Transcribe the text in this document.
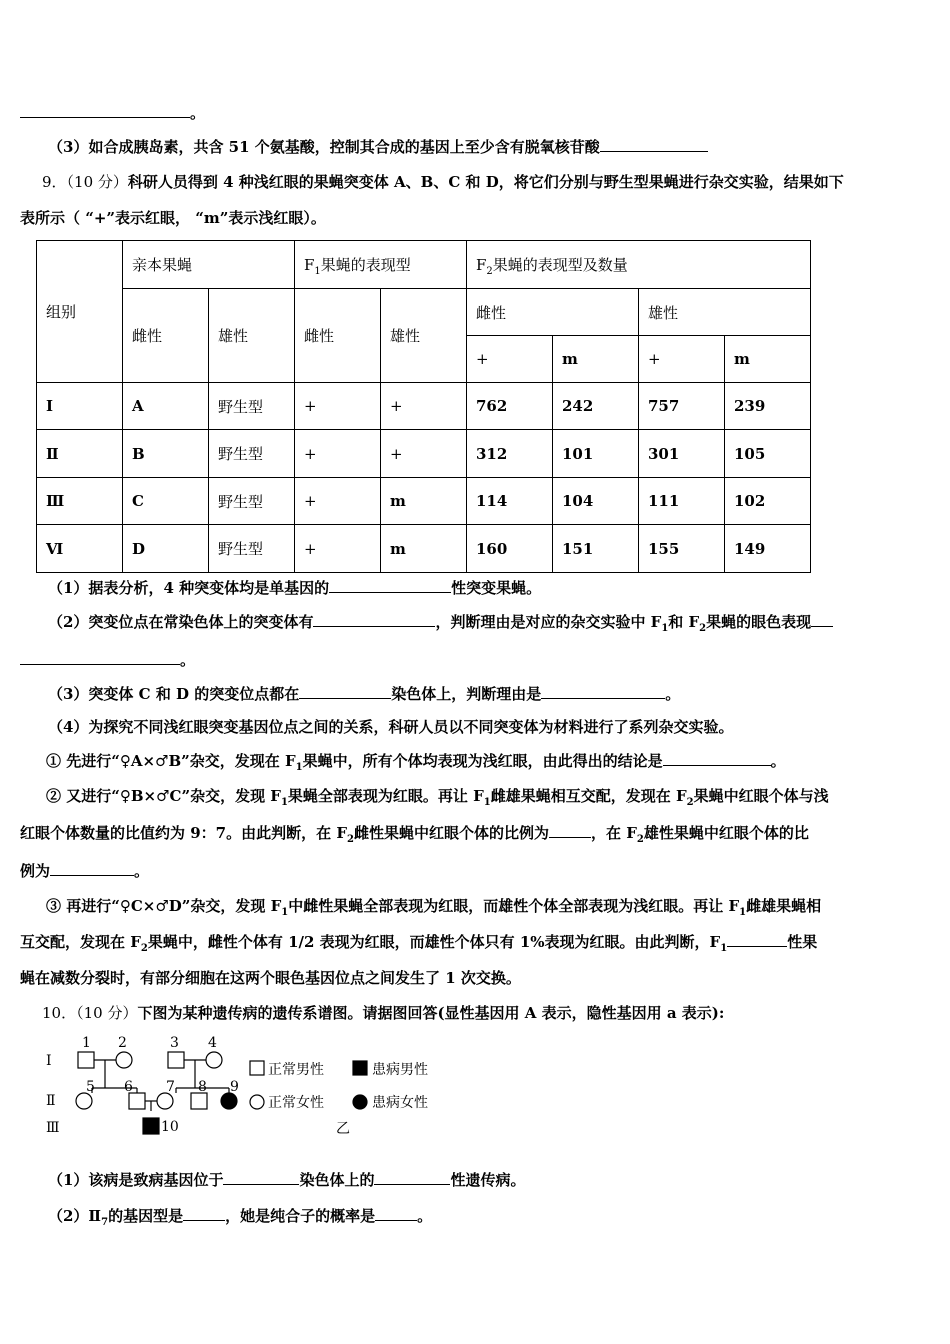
。
（3）如合成胰岛素，共含 51 个氨基酸，控制其合成的基因上至少含有脱氧核苷酸
9．（10 分）科研人员得到 4 种浅红眼的果蝇突变体 A、B、C 和 D，将它们分别与野生型果蝇进行杂交实验，结果如下
表所示（ “+”表示红眼， “m”表示浅红眼）。
组别	亲本果蝇		$F_1$果蝇的表现型		$F_2$果蝇的表现型及数量			
	雌性	雄性	雌性	雄性	雌性		雄性	
					+	m	+	m
Ⅰ	A	野生型	+	+	762	242	757	239
Ⅱ	B	野生型	+	+	312	101	301	105
Ⅲ	C	野生型	+	m	114	104	111	102
Ⅵ	D	野生型	+	m	160	151	155	149
（1）据表分析，4 种突变体均是单基因的	性突变果蝇。
（2）突变位点在常染色体上的突变体有	，判断理由是对应的杂交实验中 $F_1$和 $F_2$果蝇的眼色表现
。
（3）突变体 C 和 D 的突变位点都在	染色体上，判断理由是	。
（4）为探究不同浅红眼突变基因位点之间的关系，科研人员以不同突变体为材料进行了系列杂交实验。
① 先进行“♀A×♂B”杂交，发现在 $F_1$果蝇中，所有个体均表现为浅红眼，由此得出的结论是	。
② 又进行“♀B×♂C”杂交，发现 $F_1$果蝇全部表现为红眼。再让 $F_1$雌雄果蝇相互交配，发现在 $F_2$果蝇中红眼个体与浅
红眼个体数量的比值约为 9：7。由此判断，在 $F_2$雌性果蝇中红眼个体的比例为	，在 $F_2$雄性果蝇中红眼个体的比
例为	。
③ 再进行“♀C×♂D”杂交，发现 $F_1$中雌性果蝇全部表现为红眼，而雄性个体全部表现为浅红眼。再让 $F_1$雌雄果蝇相
互交配，发现在 $F_2$果蝇中，雌性个体有 1/2 表现为红眼，而雄性个体只有 1%表现为红眼。由此判断，$F_1$	性果
蝇在减数分裂时，有部分细胞在这两个眼色基因位点之间发生了 1 次交换。
10．（10 分）下图为某种遗传病的遗传系谱图。请据图回答(显性基因用 A 表示，隐性基因用 a 表示):
Ⅰ
Ⅱ
Ⅲ
1 2	3 4
5 6 7 8 9
10
正常男性	患病男性
正常女性	患病女性
乙
（1）该病是致病基因位于	染色体上的	性遗传病。
$(2)Ⅱ_7$的基因型是	，她是纯合子的概率是	。
